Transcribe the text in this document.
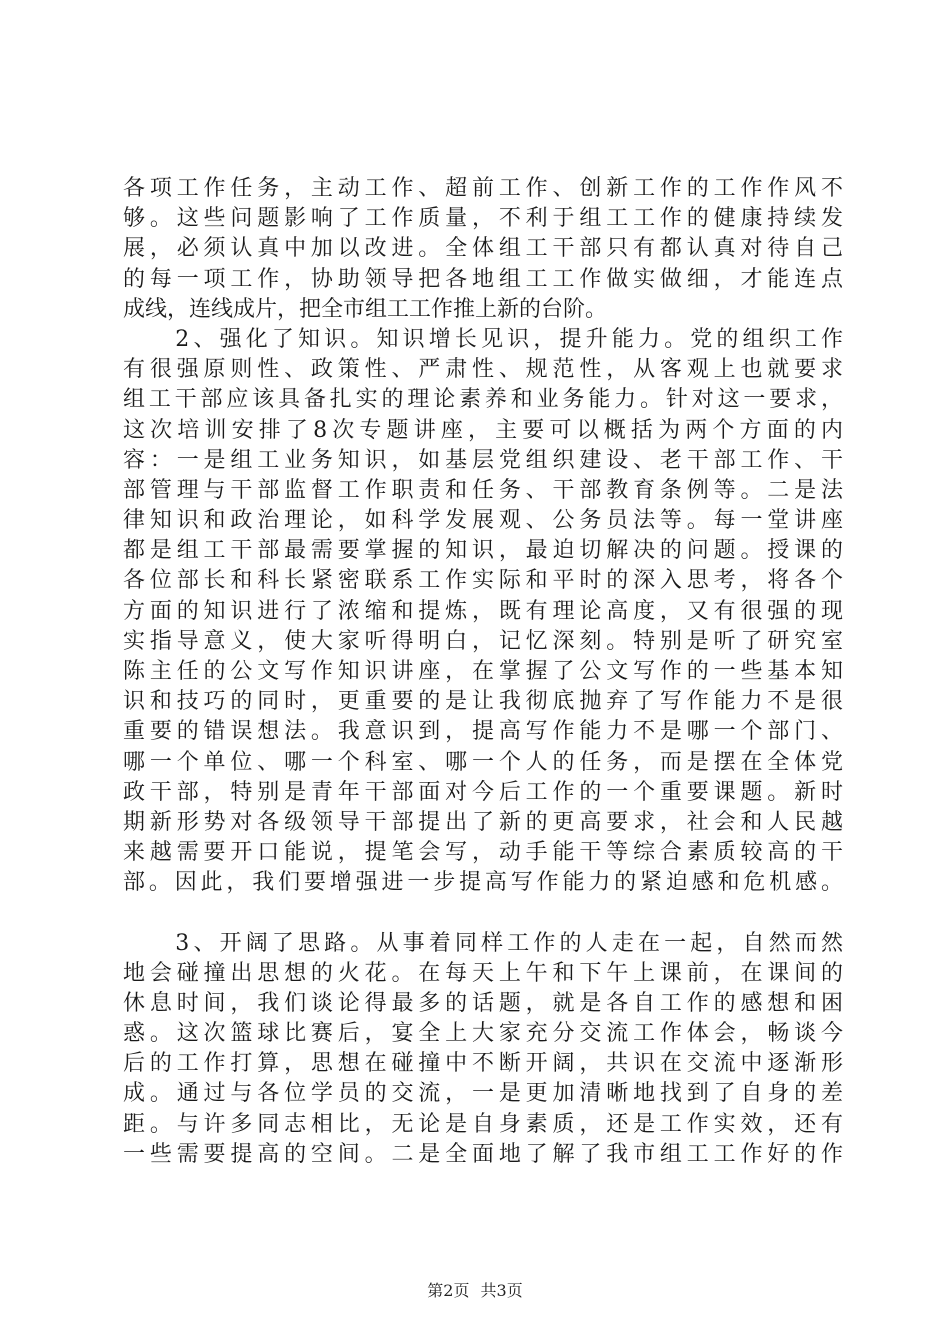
各项工作任务，主动工作、超前工作、创新工作的工作作风不
够。这些问题影响了工作质量，不利于组工工作的健康持续发
展，必须认真中加以改进。全体组工干部只有都认真对待自己
的每一项工作，协助领导把各地组工工作做实做细，才能连点
成线，连线成片，把全市组工工作推上新的台阶。
　　2、强化了知识。知识增长见识，提升能力。党的组织工作
有很强原则性、政策性、严肃性、规范性，从客观上也就要求
组工干部应该具备扎实的理论素养和业务能力。针对这一要求，
这次培训安排了8次专题讲座，主要可以概括为两个方面的内
容：一是组工业务知识，如基层党组织建设、老干部工作、干
部管理与干部监督工作职责和任务、干部教育条例等。二是法
律知识和政治理论，如科学发展观、公务员法等。每一堂讲座
都是组工干部最需要掌握的知识，最迫切解决的问题。授课的
各位部长和科长紧密联系工作实际和平时的深入思考，将各个
方面的知识进行了浓缩和提炼，既有理论高度，又有很强的现
实指导意义，使大家听得明白，记忆深刻。特别是听了研究室
陈主任的公文写作知识讲座，在掌握了公文写作的一些基本知
识和技巧的同时，更重要的是让我彻底抛弃了写作能力不是很
重要的错误想法。我意识到，提高写作能力不是哪一个部门、
哪一个单位、哪一个科室、哪一个人的任务，而是摆在全体党
政干部，特别是青年干部面对今后工作的一个重要课题。新时
期新形势对各级领导干部提出了新的更高要求，社会和人民越
来越需要开口能说，提笔会写，动手能干等综合素质较高的干
部。因此，我们要增强进一步提高写作能力的紧迫感和危机感。
　　3、开阔了思路。从事着同样工作的人走在一起，自然而然
地会碰撞出思想的火花。在每天上午和下午上课前，在课间的
休息时间，我们谈论得最多的话题，就是各自工作的感想和困
惑。这次篮球比赛后，宴全上大家充分交流工作体会，畅谈今
后的工作打算，思想在碰撞中不断开阔，共识在交流中逐渐形
成。通过与各位学员的交流，一是更加清晰地找到了自身的差
距。与许多同志相比，无论是自身素质，还是工作实效，还有
一些需要提高的空间。二是全面地了解了我市组工工作好的作
第2页 共3页
